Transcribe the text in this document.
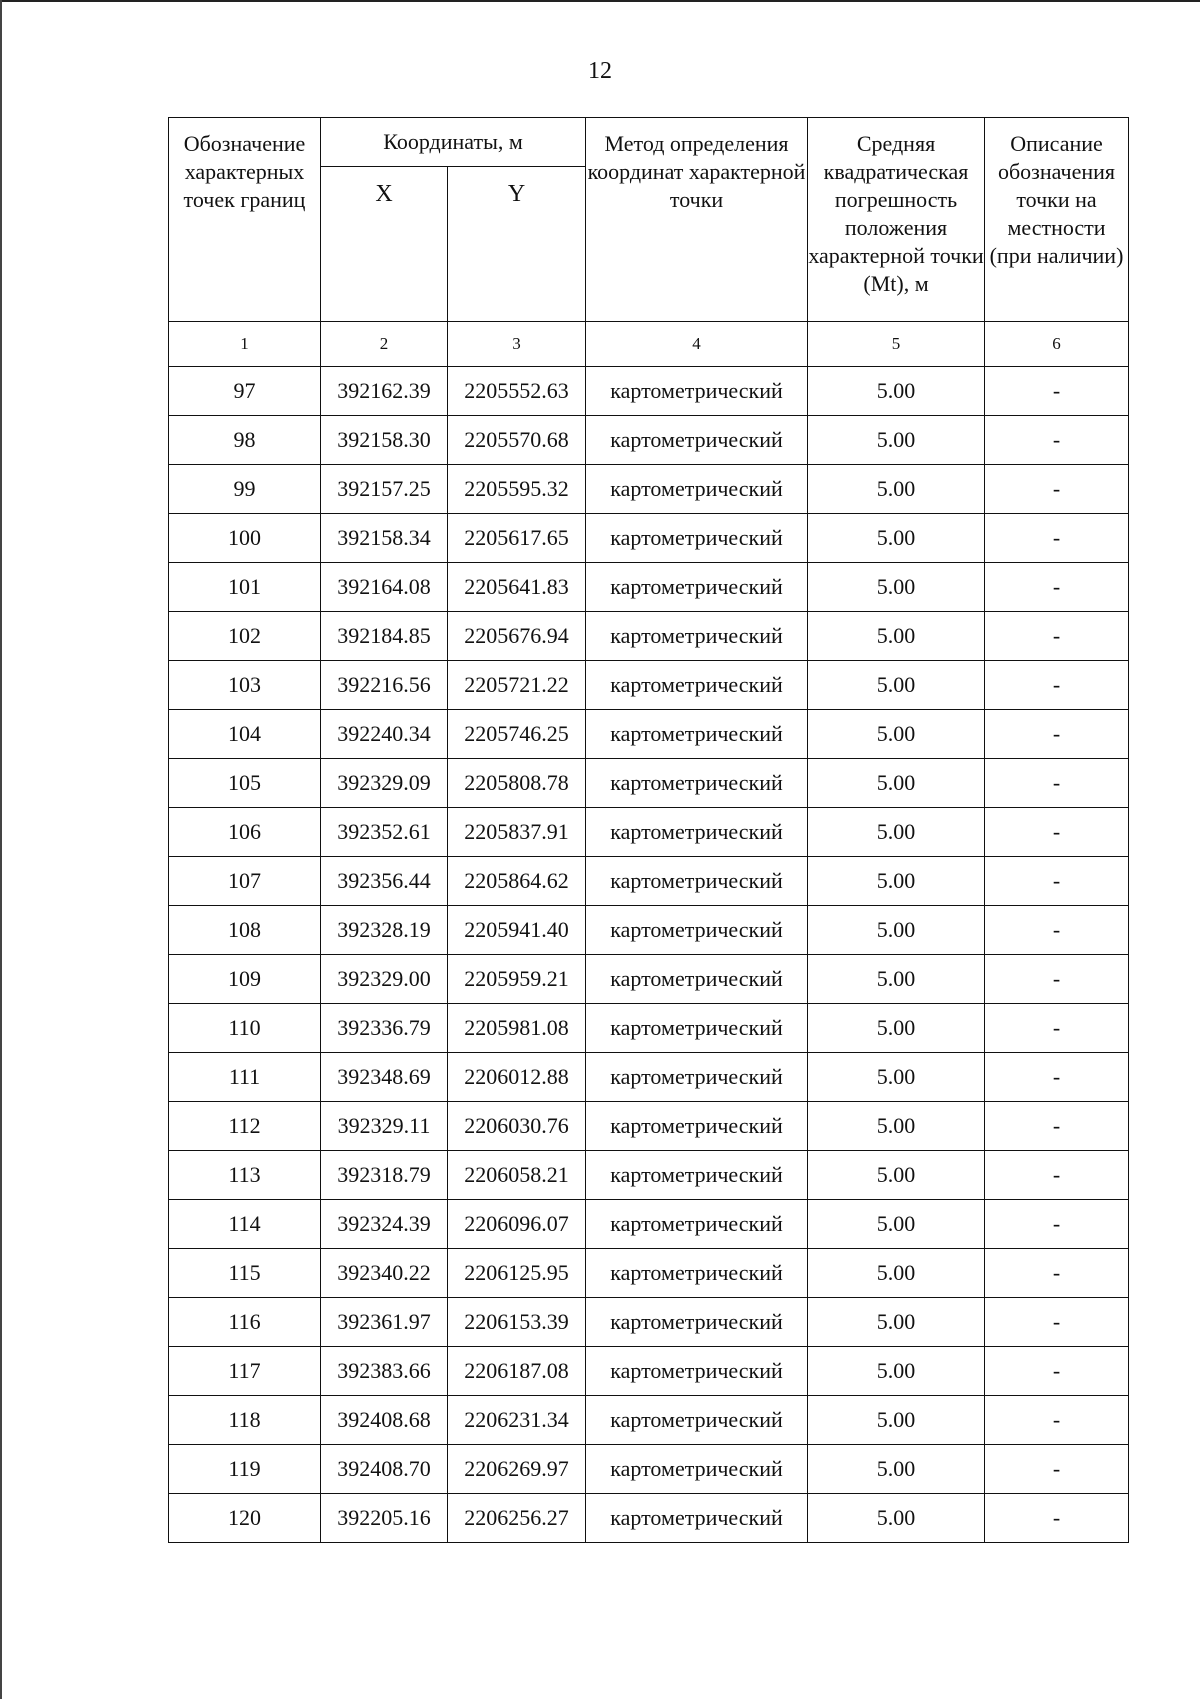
12
Обозначение характерных точек границ	Координаты, м		Метод определения координат характерной точки	Средняя квадратическая погрешность положения характерной точки (Mt), м	Описание обозначения точки на местности (при наличии)
	X	Y			
1	2	3	4	5	6
97	392162.39	2205552.63	картометрический	5.00	-
98	392158.30	2205570.68	картометрический	5.00	-
99	392157.25	2205595.32	картометрический	5.00	-
100	392158.34	2205617.65	картометрический	5.00	-
101	392164.08	2205641.83	картометрический	5.00	-
102	392184.85	2205676.94	картометрический	5.00	-
103	392216.56	2205721.22	картометрический	5.00	-
104	392240.34	2205746.25	картометрический	5.00	-
105	392329.09	2205808.78	картометрический	5.00	-
106	392352.61	2205837.91	картометрический	5.00	-
107	392356.44	2205864.62	картометрический	5.00	-
108	392328.19	2205941.40	картометрический	5.00	-
109	392329.00	2205959.21	картометрический	5.00	-
110	392336.79	2205981.08	картометрический	5.00	-
111	392348.69	2206012.88	картометрический	5.00	-
112	392329.11	2206030.76	картометрический	5.00	-
113	392318.79	2206058.21	картометрический	5.00	-
114	392324.39	2206096.07	картометрический	5.00	-
115	392340.22	2206125.95	картометрический	5.00	-
116	392361.97	2206153.39	картометрический	5.00	-
117	392383.66	2206187.08	картометрический	5.00	-
118	392408.68	2206231.34	картометрический	5.00	-
119	392408.70	2206269.97	картометрический	5.00	-
120	392205.16	2206256.27	картометрический	5.00	-
